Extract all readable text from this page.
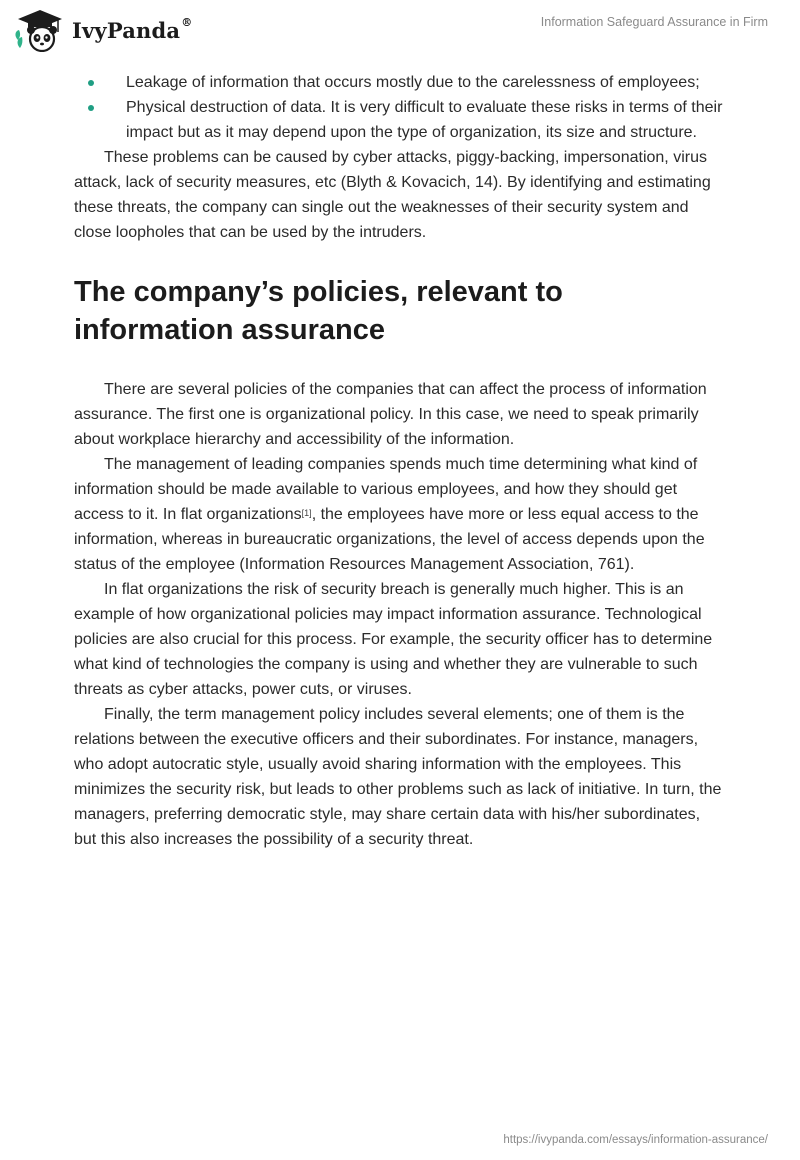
IvyPanda®	Information Safeguard Assurance in Firm
Leakage of information that occurs mostly due to the carelessness of employees;
Physical destruction of data. It is very difficult to evaluate these risks in terms of their impact but as it may depend upon the type of organization, its size and structure.

These problems can be caused by cyber attacks, piggy-backing, impersonation, virus attack, lack of security measures, etc (Blyth & Kovacich, 14). By identifying and estimating these threats, the company can single out the weaknesses of their security system and close loopholes that can be used by the intruders.

The company’s policies, relevant to information assurance

There are several policies of the companies that can affect the process of information assurance. The first one is organizational policy. In this case, we need to speak primarily about workplace hierarchy and accessibility of the information.

The management of leading companies spends much time determining what kind of information should be made available to various employees, and how they should get access to it. In flat organizations[1], the employees have more or less equal access to the information, whereas in bureaucratic organizations, the level of access depends upon the status of the employee (Information Resources Management Association, 761).

In flat organizations the risk of security breach is generally much higher. This is an example of how organizational policies may impact information assurance. Technological policies are also crucial for this process. For example, the security officer has to determine what kind of technologies the company is using and whether they are vulnerable to such threats as cyber attacks, power cuts, or viruses.

Finally, the term management policy includes several elements; one of them is the relations between the executive officers and their subordinates. For instance, managers, who adopt autocratic style, usually avoid sharing information with the employees. This minimizes the security risk, but leads to other problems such as lack of initiative. In turn, the managers, preferring democratic style, may share certain data with his/her subordinates, but this also increases the possibility of a security threat.

https://ivypanda.com/essays/information-assurance/
